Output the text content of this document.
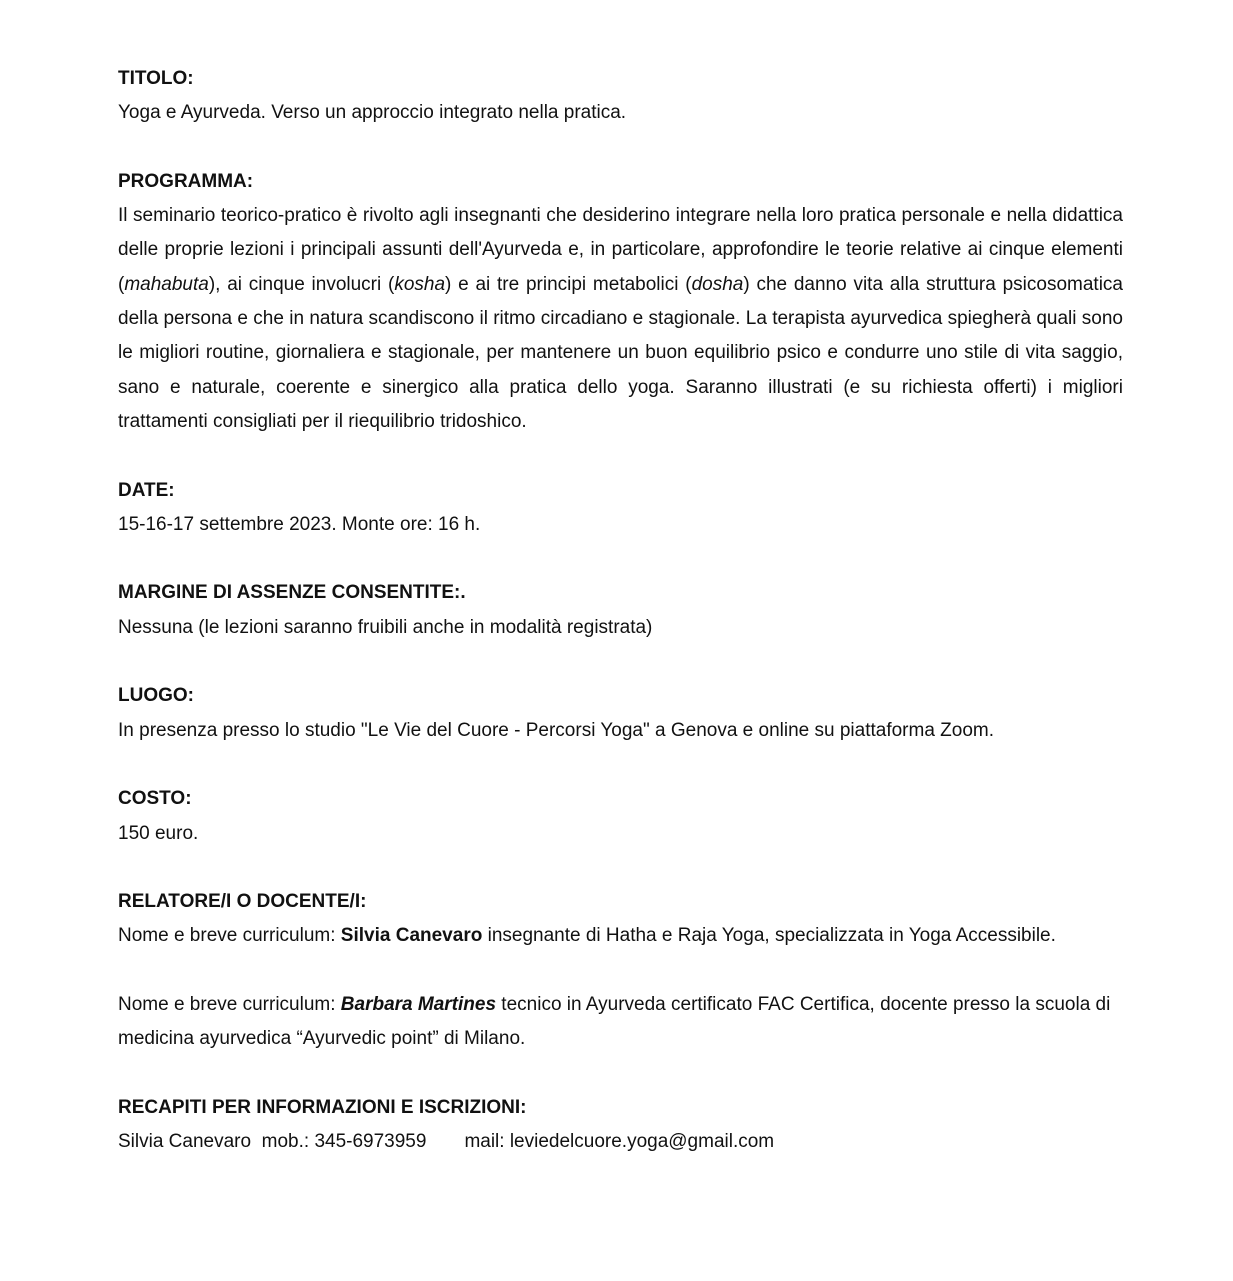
TITOLO:

Yoga e Ayurveda. Verso un approccio integrato nella pratica.

PROGRAMMA:

Il seminario teorico-pratico è rivolto agli insegnanti che desiderino integrare nella loro pratica personale e nella didattica delle proprie lezioni i principali assunti dell'Ayurveda e, in particolare, approfondire le teorie relative ai cinque elementi (mahabuta), ai cinque involucri (kosha) e ai tre principi metabolici (dosha) che danno vita alla struttura psicosomatica della persona e che in natura scandiscono il ritmo circadiano e stagionale. La terapista ayurvedica spiegherà quali sono le migliori routine, giornaliera e stagionale, per mantenere un buon equilibrio psico e condurre uno stile di vita saggio, sano e naturale, coerente e sinergico alla pratica dello yoga. Saranno illustrati (e su richiesta offerti) i migliori trattamenti consigliati per il riequilibrio tridoshico.

DATE:

15-16-17 settembre 2023. Monte ore: 16 h.

MARGINE DI ASSENZE CONSENTITE:.

Nessuna (le lezioni saranno fruibili anche in modalità registrata)

LUOGO:

In presenza presso lo studio "Le Vie del Cuore - Percorsi Yoga" a Genova e online su piattaforma Zoom.

COSTO:

150 euro.

RELATORE/I O DOCENTE/I:

Nome e breve curriculum: Silvia Canevaro insegnante di Hatha e Raja Yoga, specializzata in Yoga Accessibile.

Nome e breve curriculum: Barbara Martines tecnico in Ayurveda certificato FAC Certifica, docente presso la scuola di medicina ayurvedica “Ayurvedic point” di Milano.

RECAPITI PER INFORMAZIONI E ISCRIZIONI:

Silvia Canevaro mob.: 345-6973959 mail: leviedelcuore.yoga@gmail.com
